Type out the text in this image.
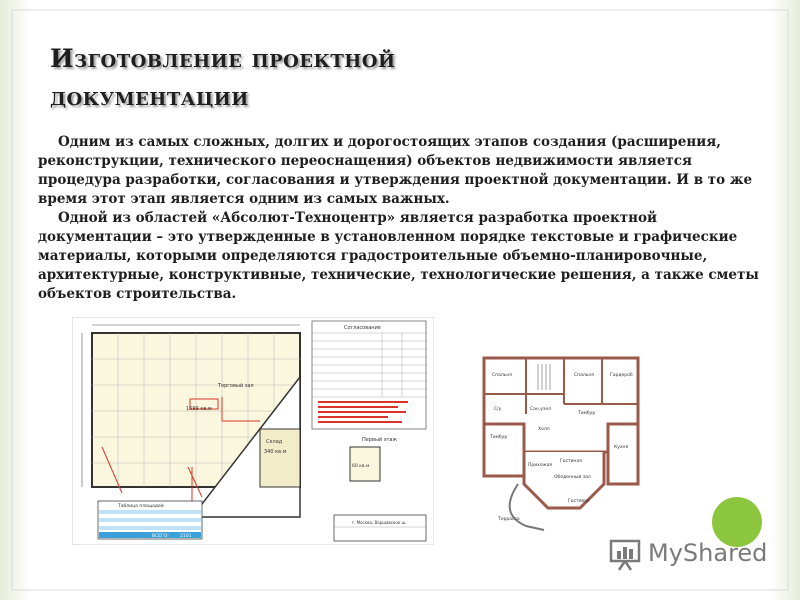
Изготовление проектной документации

Одним из самых сложных, долгих и дорогостоящих этапов создания (расширения, реконструкции, технического переоснащения) объектов недвижимости является процедура разработки, согласования и утверждения проектной документации. И в то же время этот этап является одним из самых важных.

Одной из областей «Абсолют-Техноцентр» является разработка проектной документации – это утвержденные в установленном порядке текстовые и графические материалы, которыми определяются градостроительные объемно-планировочные, архитектурные, конструктивные, технические, технологические решения, а также сметы объектов строительства.

Торговый зал
1699 кв.м
Склад
340 кв.м
Согласование
Первый этаж
60 кв.м
Таблица площадей
ВСЕГО: 2101
г. Москва, Варшавское ш.
Спальня
Сан.узел
Спальня	Гардероб
С/у
Тамбур
Тамбур
Холл
Кухня
Гостиная
Террасса
Обеденный зал
Гостевая
Прихожая
MyShared
